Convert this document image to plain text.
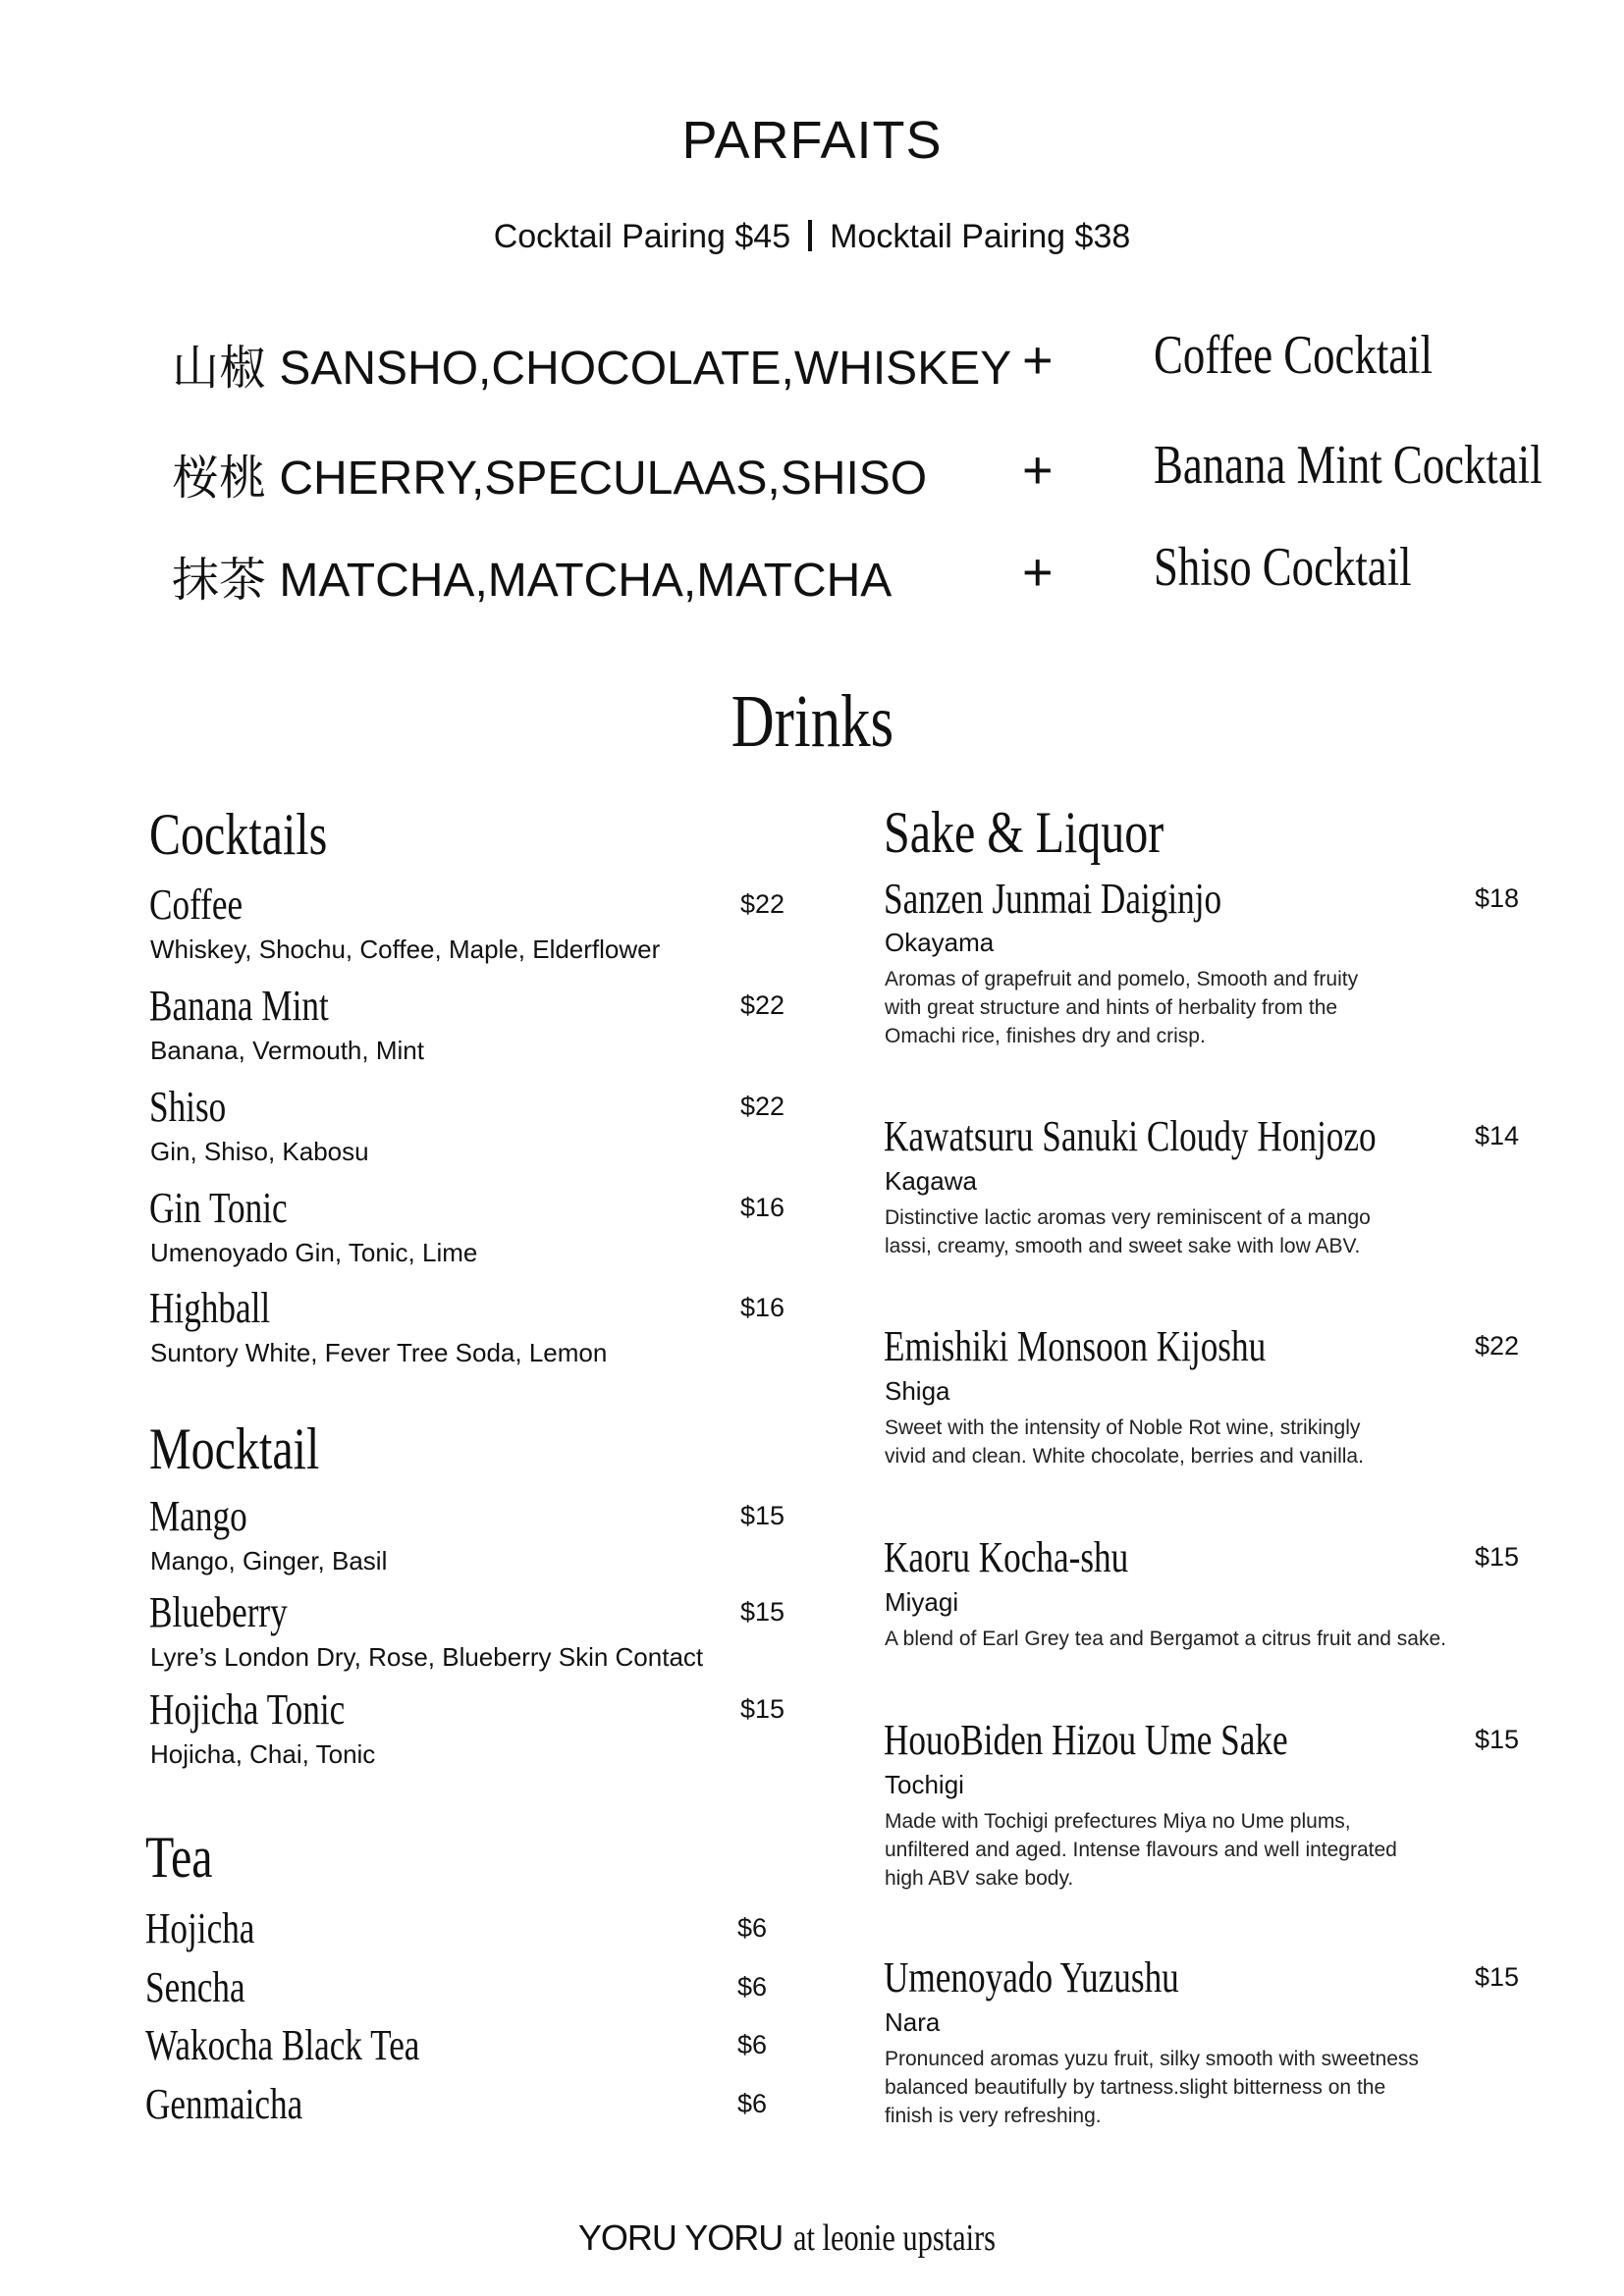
PARFAITS
Cocktail Pairing $45 Mocktail Pairing $38
山椒 SANSHO,CHOCOLATE,WHISKEY + Coffee Cocktail
桜桃 CHERRY,SPECULAAS,SHISO + Banana Mint Cocktail
抹茶 MATCHA,MATCHA,MATCHA + Shiso Cocktail
Drinks
Cocktails
Coffee	$22
Whiskey, Shochu, Coffee, Maple, Elderflower
Banana Mint	$22
Banana, Vermouth, Mint
Shiso	$22
Gin, Shiso, Kabosu
Gin Tonic	$16
Umenoyado Gin, Tonic, Lime
Highball	$16
Suntory White, Fever Tree Soda, Lemon
Mocktail
Mango	$15
Mango, Ginger, Basil
Blueberry	$15
Lyre’s London Dry, Rose, Blueberry Skin Contact
Hojicha Tonic	$15
Hojicha, Chai, Tonic
Tea
Hojicha	$6
Sencha	$6
Wakocha Black Tea	$6
Genmaicha	$6
Sake & Liquor
Sanzen Junmai Daiginjo	$18
Okayama
Aromas of grapefruit and pomelo, Smooth and fruity
with great structure and hints of herbality from the
Omachi rice, finishes dry and crisp.
Kawatsuru Sanuki Cloudy Honjozo	$14
Kagawa
Distinctive lactic aromas very reminiscent of a mango
lassi, creamy, smooth and sweet sake with low ABV.
Emishiki Monsoon Kijoshu	$22
Shiga
Sweet with the intensity of Noble Rot wine, strikingly
vivid and clean. White chocolate, berries and vanilla.
Kaoru Kocha-shu	$15
Miyagi
A blend of Earl Grey tea and Bergamot a citrus fruit and sake.
HouoBiden Hizou Ume Sake	$15
Tochigi
Made with Tochigi prefectures Miya no Ume plums,
unfiltered and aged. Intense flavours and well integrated
high ABV sake body.
Umenoyado Yuzushu	$15
Nara
Pronunced aromas yuzu fruit, silky smooth with sweetness
balanced beautifully by tartness.slight bitterness on the
finish is very refreshing.
YORU YORU at leonie upstairs
